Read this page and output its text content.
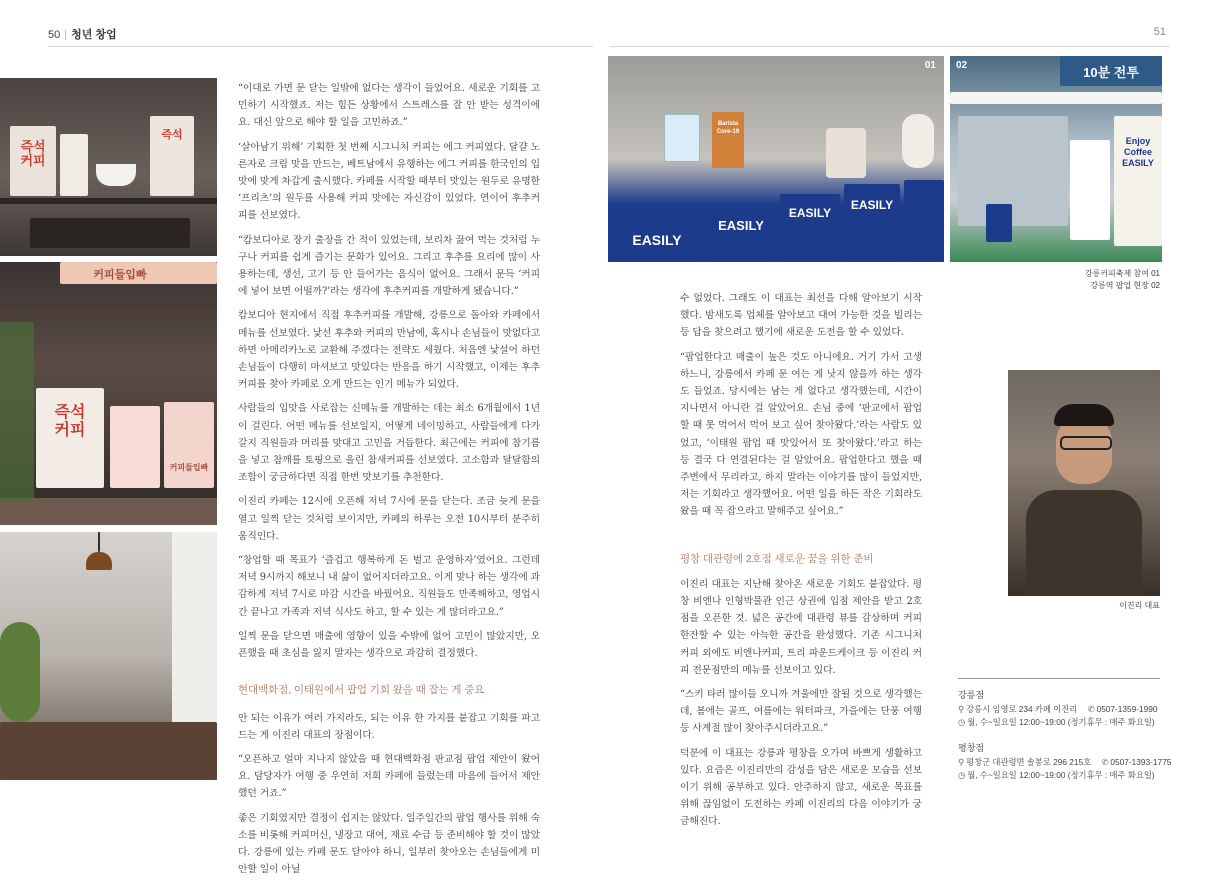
50 | 청년 창업	51
즉석
커피
즉석
커피들입빠
즉석
커피
커피들입빠
01
Barista
Core-19
EASILY
EASILY
EASILY
EASILY
02	10분 전투
Enjoy
Coffee
EASILY
강릉커피축제 참여 01
강릉역 팝업 현장 02
이진리 대표

“이대로 가면 문 닫는 일밖에 없다는 생각이 들었어요. 새로운 기회를 고민하기 시작했죠. 저는 힘든 상황에서 스트레스를 잘 안 받는 성격이에요. 대신 앞으로 해야 할 일을 고민하죠.”

‘살아남기 위해’ 기획한 첫 번째 시그니처 커피는 에그 커피였다. 달걀 노른자로 크림 맛을 만드는, 베트남에서 유행하는 에그 커피를 한국인의 입맛에 맞게 차갑게 출시했다. 카페를 시작할 때부터 맛있는 원두로 유명한 ‘프리츠’의 원두를 사용해 커피 맛에는 자신감이 있었다. 연이어 후추커피를 선보였다.

“캄보디아로 장기 출장을 간 적이 있었는데, 보리차 끓여 먹는 것처럼 누구나 커피를 쉽게 즐기는 문화가 있어요. 그리고 후추를 요리에 많이 사용하는데, 생선, 고기 등 안 들어가는 음식이 없어요. 그래서 문득 ‘커피에 넣어 보면 어떨까?’라는 생각에 후추커피를 개발하게 됐습니다.”

캄보디아 현지에서 직접 후추커피를 개발해, 강릉으로 돌아와 카페에서 메뉴를 선보였다. 낯선 후추와 커피의 만남에, 혹시나 손님들이 맛없다고 하면 아메리카노로 교환해 주겠다는 전략도 세웠다. 처음엔 낯설어 하던 손님들이 다행히 마셔보고 맛있다는 반응을 하기 시작했고, 이제는 후추커피를 찾아 카페로 오게 만드는 인기 메뉴가 되었다.

사람들의 입맛을 사로잡는 신메뉴를 개발하는 데는 최소 6개월에서 1년이 걸린다. 어떤 메뉴를 선보일지, 어떻게 네이밍하고, 사람들에게 다가갈지 직원들과 머리를 맞대고 고민을 거듭한다. 최근에는 커피에 참기름을 넣고 참깨를 토핑으로 올린 참새커피를 선보였다. 고소함과 달달함의 조합이 궁금하다면 직접 한번 맛보기를 추천한다.

이진리 카페는 12시에 오픈해 저녁 7시에 문을 닫는다. 조금 늦게 문을 열고 일찍 닫는 것처럼 보이지만, 카페의 하루는 오전 10시부터 분주히 움직인다.

“창업할 때 목표가 ‘즐겁고 행복하게 돈 벌고 운영하자’였어요. 그런데 저녁 9시까지 해보니 내 삶이 없어지더라고요. 이게 맞나 하는 생각에 과감하게 저녁 7시로 마감 시간을 바꿨어요. 직원들도 만족해하고, 영업시간 끝나고 가족과 저녁 식사도 하고, 할 수 있는 게 많더라고요.”

일찍 문을 닫으면 매출에 영향이 있을 수밖에 없어 고민이 많았지만, 오픈했을 때 초심을 잃지 말자는 생각으로 과감히 결정했다.

현대백화점, 이태원에서 팝업 기회 왔을 때 잡는 게 중요

안 되는 이유가 여러 가지라도, 되는 이유 한 가지를 붙잡고 기회를 파고드는 게 이진리 대표의 장점이다.

“오픈하고 얼마 지나지 않았을 때 현대백화점 판교점 팝업 제안이 왔어요. 담당자가 여행 중 우연히 저희 카페에 들렀는데 마음에 들어서 제안했던 거죠.”

좋은 기회였지만 결정이 쉽지는 않았다. 일주일간의 팝업 행사를 위해 숙소를 비롯해 커피머신, 냉장고 대여, 재료 수급 등 준비해야 할 것이 많았다. 강릉에 있는 카페 문도 닫아야 하니, 일부러 찾아오는 손님들에게 미안할 일이 아닐

수 없었다. 그래도 이 대표는 최선을 다해 알아보기 시작했다. 밤새도록 업체를 알아보고 대여 가능한 것을 빌리는 등 답을 찾으려고 했기에 새로운 도전을 할 수 있었다.

“팝업한다고 매출이 높은 것도 아니에요. 거기 가서 고생하느니, 강릉에서 카페 문 여는 게 낫지 않을까 하는 생각도 들었죠. 당시에는 남는 게 없다고 생각했는데, 시간이 지나면서 아니란 걸 알았어요. 손님 중에 ‘판교에서 팝업할 때 못 먹어서 먹어 보고 싶어 찾아왔다.’라는 사람도 있었고, ‘이태원 팝업 때 맛있어서 또 찾아왔다.’라고 하는 등 결국 다 연결된다는 걸 알았어요. 팝업한다고 했을 때 주변에서 무리라고, 하지 말라는 이야기를 많이 들었지만, 저는 기회라고 생각했어요. 어떤 일을 하든 작은 기회라도 왔을 때 꼭 잡으라고 말해주고 싶어요.”

평창 대관령에 2호점 새로운 꿈을 위한 준비

이진리 대표는 지난해 찾아온 새로운 기회도 붙잡았다. 평창 비엔나 인형박물관 인근 상권에 입점 제안을 받고 2호점을 오픈한 것. 넓은 공간에 대관령 뷰를 감상하며 커피 한잔할 수 있는 아늑한 공간을 완성했다. 기존 시그니처 커피 외에도 비엔나커피, 트리 파운드케이크 등 이진리 커피 전문점만의 메뉴를 선보이고 있다.

“스키 타러 많이들 오니까 겨울에만 잘될 것으로 생각했는데, 봄에는 골프, 여름에는 워터파크, 가을에는 단풍 여행 등 사계절 많이 찾아주시더라고요.”

덕분에 이 대표는 강릉과 평창을 오가며 바쁘게 생활하고 있다. 요즘은 이진리만의 감성을 담은 새로운 모습을 선보이기 위해 공부하고 있다. 안주하지 않고, 새로운 목표를 위해 끊임없이 도전하는 카페 이진리의 다음 이야기가 궁금해진다.

강릉점
⚲ 강릉시 임영로 234 카페 이진리 ✆ 0507-1359-1990
◷ 월, 수~일요일 12:00~19:00 (정기휴무 : 매주 화요일)
평창점
⚲ 평창군 대관령면 솔봉로 296 215호 ✆ 0507-1393-1775
◷ 월, 수~일요일 12:00~19:00 (정기휴무 : 매주 화요일)
